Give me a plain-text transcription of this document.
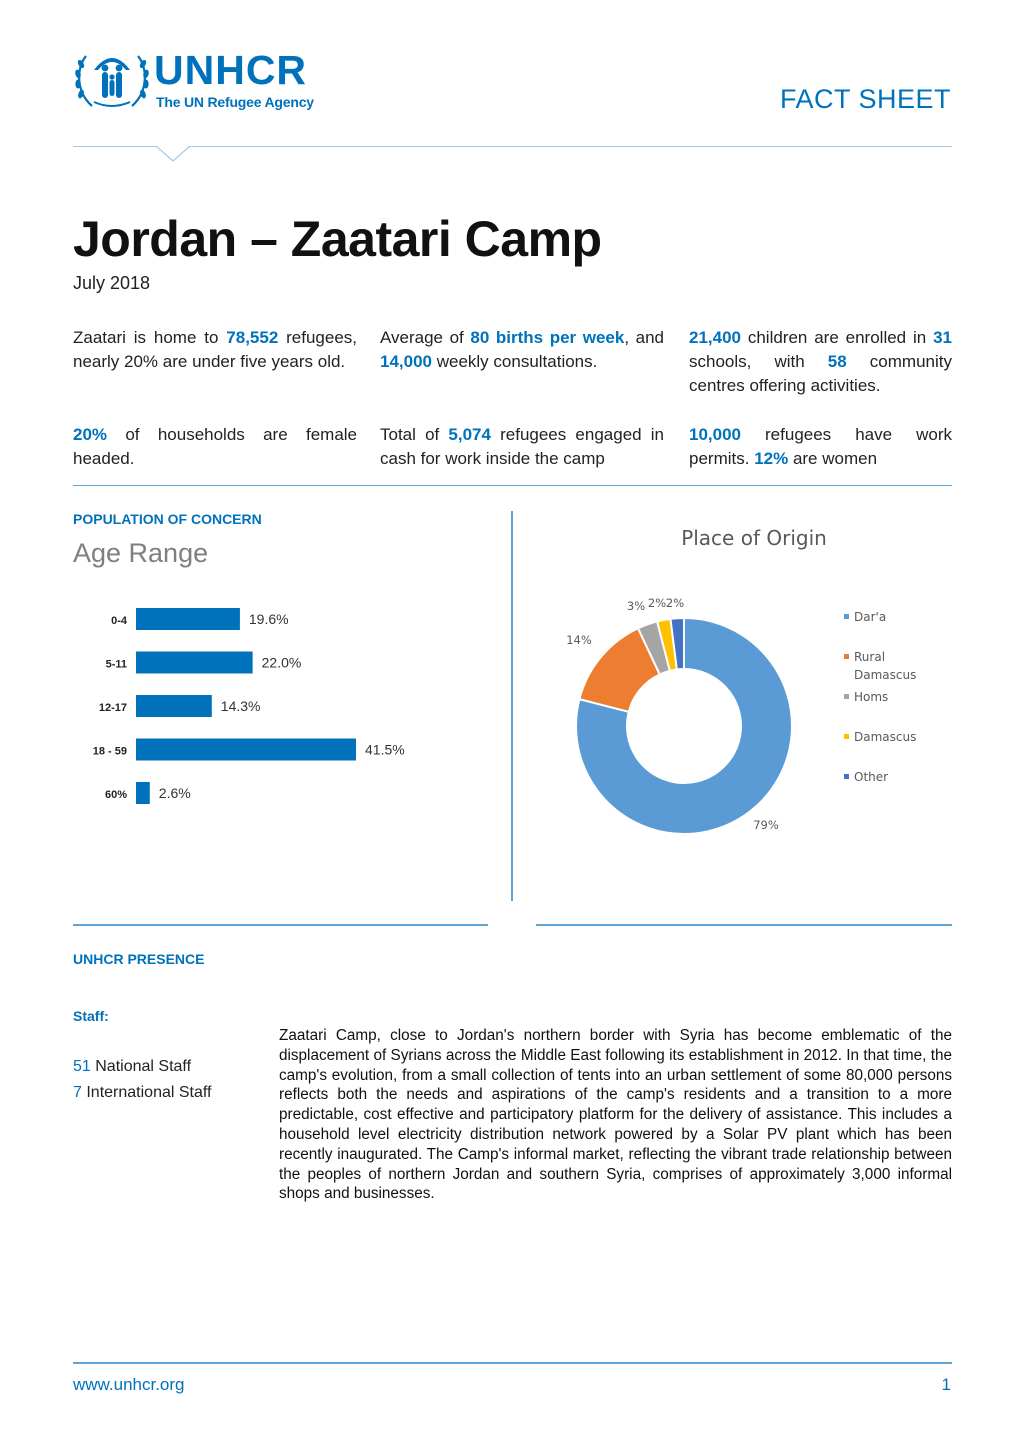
UNHCR
The UN Refugee Agency	FACT SHEET
Jordan – Zaatari Camp
July 2018
Zaatari is home to 78,552 refugees, nearly 20% are under five years old.
Average of 80 births per week, and 14,000 weekly consultations.
21,400 children are enrolled in 31 schools, with 58 community centres offering activities.
20% of households are female headed.
Total of 5,074 refugees engaged in cash for work inside the camp
10,000 refugees have work permits. 12% are women
POPULATION OF CONCERN
Age Range
0-4	19.6%
5-11	22.0%
12-17	14.3%
18 - 59	41.5%
60% 2.6%
Place of Origin
79%
14%
3% 2% 2%
Dar'a
Rural Damascus
Homs
Damascus
Other
UNHCR PRESENCE
Staff:
51 National Staff
7 International Staff
Zaatari Camp, close to Jordan's northern border with Syria has become emblematic of the displacement of Syrians across the Middle East following its establishment in 2012. In that time, the camp's evolution, from a small collection of tents into an urban settlement of some 80,000 persons reflects both the needs and aspirations of the camp's residents and a transition to a more predictable, cost effective and participatory platform for the delivery of assistance. This includes a household level electricity distribution network powered by a Solar PV plant which has been recently inaugurated. The Camp's informal market, reflecting the vibrant trade relationship between the peoples of northern Jordan and southern Syria, comprises of approximately 3,000 informal shops and businesses.
www.unhcr.org	1
